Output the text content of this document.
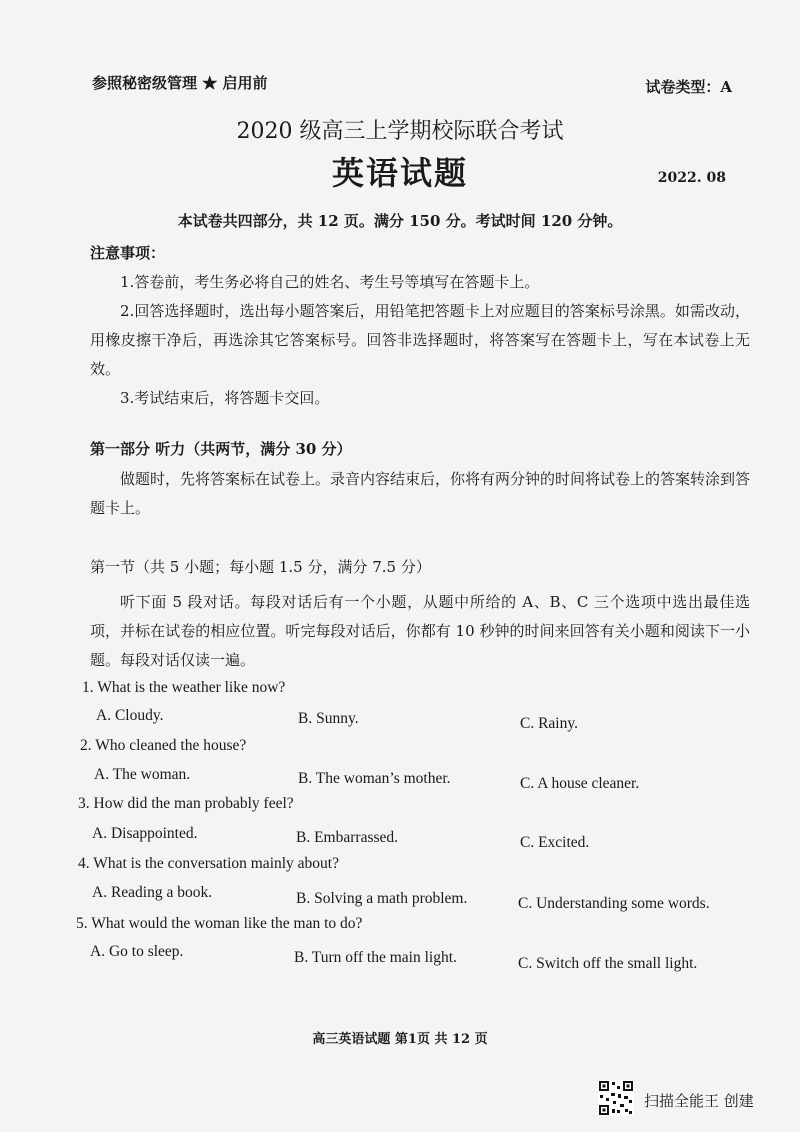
参照秘密级管理 ★ 启用前	试卷类型：A
2020 级高三上学期校际联合考试
英语试题	2022. 08
本试卷共四部分，共 12 页。满分 150 分。考试时间 120 分钟。
注意事项：
1.答卷前，考生务必将自己的姓名、考生号等填写在答题卡上。
2.回答选择题时，选出每小题答案后，用铅笔把答题卡上对应题目的答案标号涂黑。如需改动，用橡皮擦干净后，再选涂其它答案标号。回答非选择题时，将答案写在答题卡上，写在本试卷上无效。
3.考试结束后，将答题卡交回。
第一部分 听力（共两节，满分 30 分）
做题时，先将答案标在试卷上。录音内容结束后，你将有两分钟的时间将试卷上的答案转涂到答题卡上。
第一节（共 5 小题；每小题 1.5 分，满分 7.5 分）
听下面 5 段对话。每段对话后有一个小题，从题中所给的 A、B、C 三个选项中选出最佳选项，并标在试卷的相应位置。听完每段对话后，你都有 10 秒钟的时间来回答有关小题和阅读下一小题。每段对话仅读一遍。
1. What is the weather like now?
A. Cloudy.	B. Sunny.	C. Rainy.
2. Who cleaned the house?
A. The woman.	B. The woman’s mother.	C. A house cleaner.
3. How did the man probably feel?
A. Disappointed.	B. Embarrassed.	C. Excited.
4. What is the conversation mainly about?
A. Reading a book.	B. Solving a math problem.	C. Understanding some words.
5. What would the woman like the man to do?
A. Go to sleep.	B. Turn off the main light.	C. Switch off the small light.
高三英语试题 第1页 共 12 页
扫描全能王 创建
